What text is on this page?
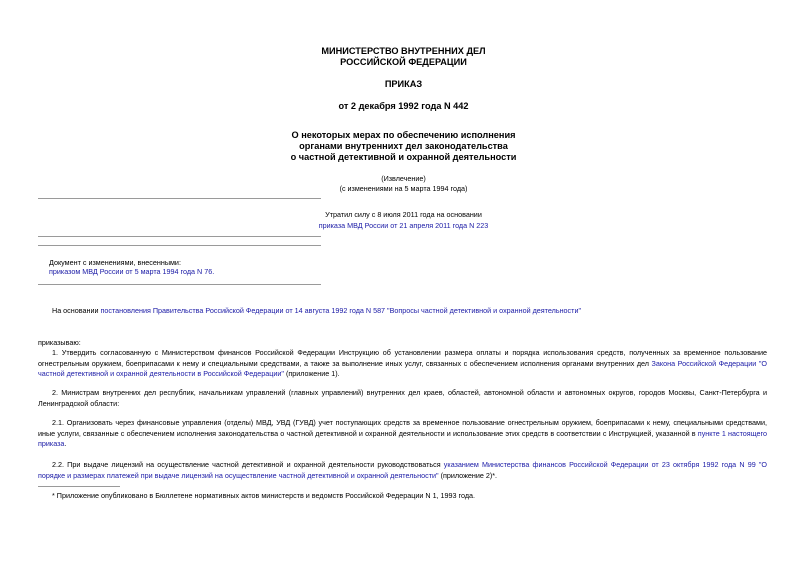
МИНИСТЕРСТВО ВНУТРЕННИХ ДЕЛ
РОССИЙСКОЙ ФЕДЕРАЦИИ
ПРИКАЗ
от 2 декабря 1992 года N 442
О некоторых мерах по обеспечению исполнения
органами внутреннихт дел законодательства
о частной детективной и охранной деятельности
(Извлечение)
(с изменениями на 5 марта 1994 года)
Утратил силу с 8 июля 2011 года на основании
приказа МВД России от 21 апреля 2011 года N 223
Документ с изменениями, внесенными:
приказом МВД России от 5 марта 1994 года N 76.
На основании постановления Правительства Российской Федерации от 14 августа 1992 года N 587 "Вопросы частной детективной и охранной деятельности"
приказываю:
1. Утвердить согласованную с Министерством финансов Российской Федерации Инструкцию об установлении размера оплаты и порядка использования средств, полученных за временное пользование огнестрельным оружием, боеприпасами к нему и специальными средствами, а также за выполнение иных услуг, связанных с обеспечением исполнения органами внутренних дел Закона Российской Федерации "О частной детективной и охранной деятельности в Российской Федерации" (приложение 1).
2. Министрам внутренних дел республик, начальникам управлений (главных управлений) внутренних дел краев, областей, автономной области и автономных округов, городов Москвы, Санкт-Петербурга и Ленинградской области:
2.1. Организовать через финансовые управления (отделы) МВД, УВД (ГУВД) учет поступающих средств за временное пользование огнестрельным оружием, боеприпасами к нему, специальными средствами, иные услуги, связанные с обеспечением исполнения законодательства о частной детективной и охранной деятельности и использование этих средств в соответствии с Инструкцией, указанной в пункте 1 настоящего приказа.
2.2. При выдаче лицензий на осуществление частной детективной и охранной деятельности руководствоваться указанием Министерства финансов Российской Федерации от 23 октября 1992 года N 99 "О порядке и размерах платежей при выдаче лицензий на осуществление частной детективной и охранной деятельности" (приложение 2)*.
* Приложение опубликовано в Бюллетене нормативных актов министерств и ведомств Российской Федерации N 1, 1993 года.
